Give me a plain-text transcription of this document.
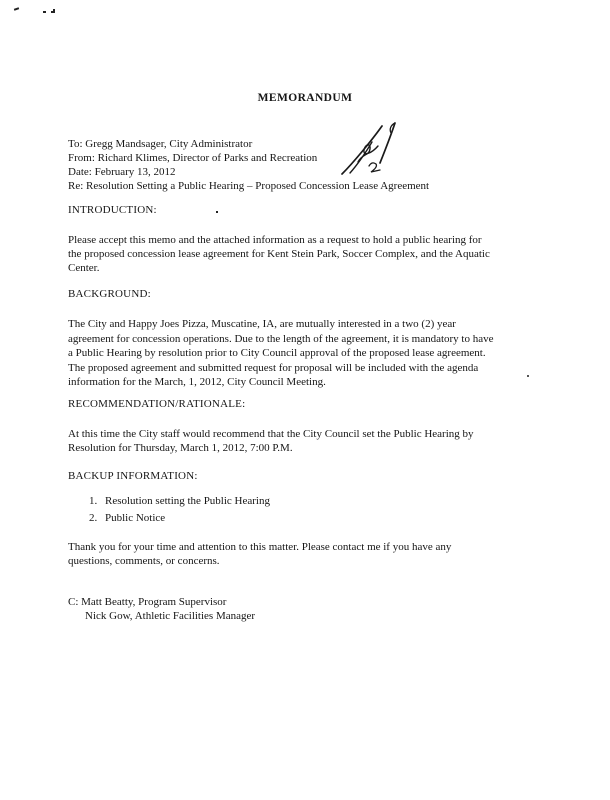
MEMORANDUM
To: Gregg Mandsager, City Administrator
From: Richard Klimes, Director of Parks and Recreation
Date: February 13, 2012
Re: Resolution Setting a Public Hearing – Proposed Concession Lease Agreement
INTRODUCTION:
Please accept this memo and the attached information as a request to hold a public hearing for
the proposed concession lease agreement for Kent Stein Park, Soccer Complex, and the Aquatic
Center.
BACKGROUND:
The City and Happy Joes Pizza, Muscatine, IA, are mutually interested in a two (2) year
agreement for concession operations. Due to the length of the agreement, it is mandatory to have
a Public Hearing by resolution prior to City Council approval of the proposed lease agreement.
The proposed agreement and submitted request for proposal will be included with the agenda
information for the March, 1, 2012, City Council Meeting.
RECOMMENDATION/RATIONALE:
At this time the City staff would recommend that the City Council set the Public Hearing by
Resolution for Thursday, March 1, 2012, 7:00 P.M.
BACKUP INFORMATION:
1. Resolution setting the Public Hearing
2. Public Notice
Thank you for your time and attention to this matter. Please contact me if you have any
questions, comments, or concerns.
C: Matt Beatty, Program Supervisor
Nick Gow, Athletic Facilities Manager
